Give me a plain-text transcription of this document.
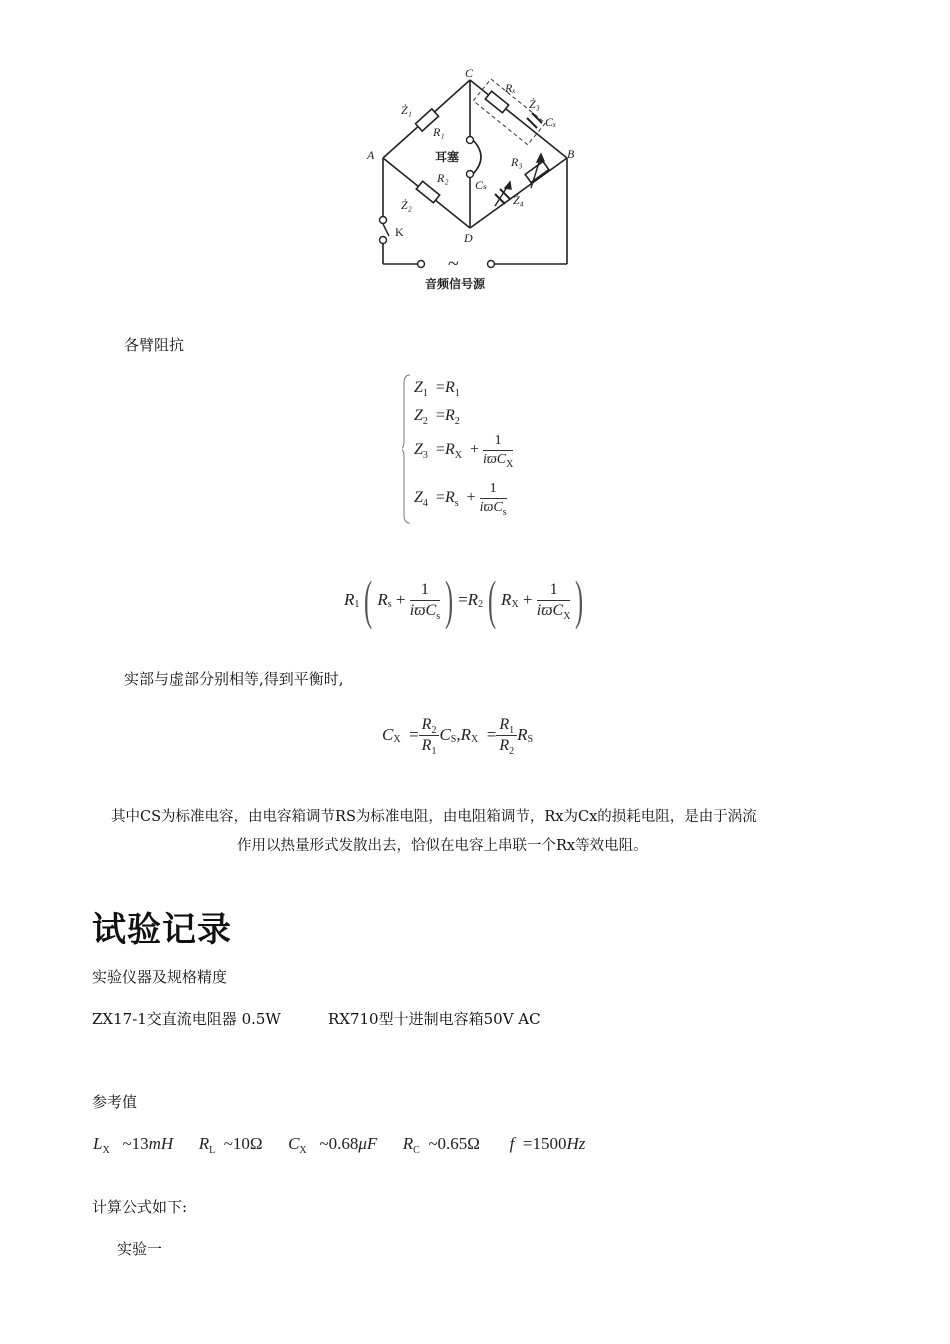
A	B
C
D
Ż₁
R₁
Ż₂
R₂
Rₓ
Ż₃
Cₓ
R₃
Cₛ
Ż₄
K
耳塞
~
音频信号源
各臂阻抗
$Z_1 =R_1$
$Z_2 =R_2$
$Z_3 =R_X + \frac{1}{iϖC_X}$
$Z_4 =R_s + \frac{1}{iϖC_s}$
R 1 ( R $s + \frac{1}{iϖC_s}$ ) = R 2 ( R $X + \frac{1}{iϖC_X}$ )
实部与虚部分别相等,得到平衡时,
C $X = \frac{R_2}{R_1}$ C S , R $X = \frac{R_1}{R_2}$ R S
其中CS为标准电容，由电容箱调节RS为标准电阻，由电阻箱调节，Rx为Cx的损耗电阻，是由于涡流
作用以热量形式发散出去，恰似在电容上串联一个Rx等效电阻。
试验记录
实验仪器及规格精度
ZX17-1交直流电阻器 0.5W	RX710型十进制电容箱50V AC
参考值
$L_X$ ~13mH $R_L$ ~10Ω $C_X$ ~0.68μF $R_C$ ~0.65Ω f =1500Hz
计算公式如下:
实验一
